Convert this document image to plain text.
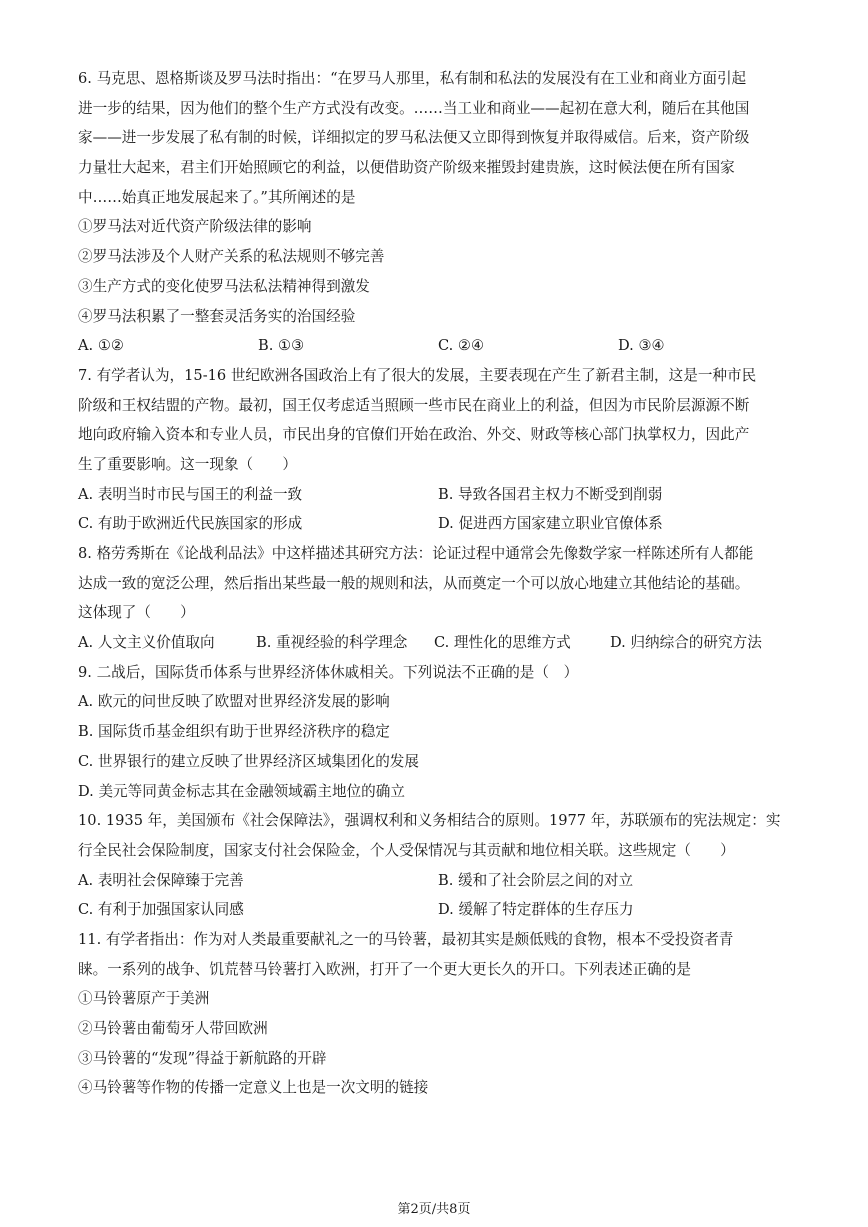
6. 马克思、恩格斯谈及罗马法时指出：“在罗马人那里，私有制和私法的发展没有在工业和商业方面引起
进一步的结果，因为他们的整个生产方式没有改变。……当工业和商业——起初在意大利，随后在其他国
家——进一步发展了私有制的时候，详细拟定的罗马私法便又立即得到恢复并取得威信。后来，资产阶级
力量壮大起来，君主们开始照顾它的利益，以便借助资产阶级来摧毁封建贵族，这时候法便在所有国家
中……始真正地发展起来了。”其所阐述的是
①罗马法对近代资产阶级法律的影响
②罗马法涉及个人财产关系的私法规则不够完善
③生产方式的变化使罗马法私法精神得到激发
④罗马法积累了一整套灵活务实的治国经验
A. ①②	B. ①③	C. ②④	D. ③④
7. 有学者认为，15-16 世纪欧洲各国政治上有了很大的发展，主要表现在产生了新君主制，这是一种市民
阶级和王权结盟的产物。最初，国王仅考虑适当照顾一些市民在商业上的利益，但因为市民阶层源源不断
地向政府输入资本和专业人员，市民出身的官僚们开始在政治、外交、财政等核心部门执掌权力，因此产
生了重要影响。这一现象（　　）
A. 表明当时市民与国王的利益一致	B. 导致各国君主权力不断受到削弱
C. 有助于欧洲近代民族国家的形成	D. 促进西方国家建立职业官僚体系
8. 格劳秀斯在《论战利品法》中这样描述其研究方法：论证过程中通常会先像数学家一样陈述所有人都能
达成一致的宽泛公理，然后指出某些最一般的规则和法，从而奠定一个可以放心地建立其他结论的基础。
这体现了（　　）
A. 人文主义价值取向	B. 重视经验的科学理念	C. 理性化的思维方式	D. 归纳综合的研究方法
9. 二战后，国际货币体系与世界经济体休戚相关。下列说法不正确的是（　）
A. 欧元的问世反映了欧盟对世界经济发展的影响
B. 国际货币基金组织有助于世界经济秩序的稳定
C. 世界银行的建立反映了世界经济区域集团化的发展
D. 美元等同黄金标志其在金融领域霸主地位的确立
10. 1935 年，美国颁布《社会保障法》，强调权利和义务相结合的原则。1977 年，苏联颁布的宪法规定：实
行全民社会保险制度，国家支付社会保险金，个人受保情况与其贡献和地位相关联。这些规定（　　）
A. 表明社会保障臻于完善	B. 缓和了社会阶层之间的对立
C. 有利于加强国家认同感	D. 缓解了特定群体的生存压力
11. 有学者指出：作为对人类最重要献礼之一的马铃薯，最初其实是颇低贱的食物，根本不受投资者青
睐。一系列的战争、饥荒替马铃薯打入欧洲，打开了一个更大更长久的开口。下列表述正确的是
①马铃薯原产于美洲
②马铃薯由葡萄牙人带回欧洲
③马铃薯的“发现”得益于新航路的开辟
④马铃薯等作物的传播一定意义上也是一次文明的链接
第2页/共8页
